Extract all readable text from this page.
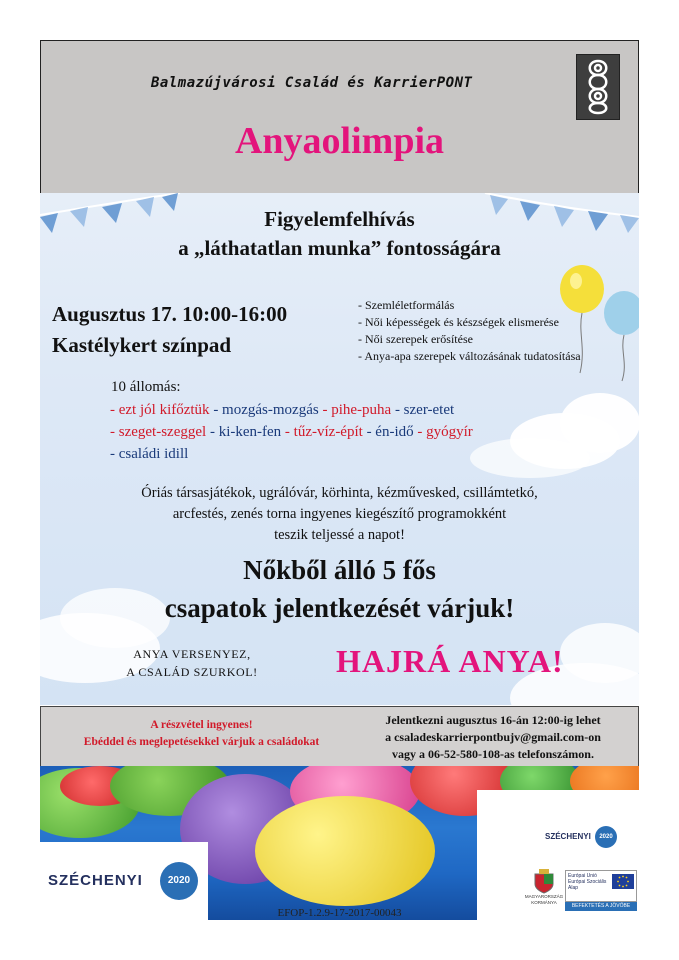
Balmazújvárosi Család és KarrierPONT
Anyaolimpia
Figyelemfelhívás
a „láthatatlan munka” fontosságára
Augusztus 17. 10:00-16:00
Kastélykert színpad
- Szemléletformálás
- Női képességek és készségek elismerése
- Női szerepek erősítése
- Anya-apa szerepek változásának tudatosítása
10 állomás:
- ezt jól kifőztük - mozgás-mozgás - pihe-puha - szer-etet
- szeget-szeggel - ki-ken-fen - tűz-víz-épít - én-idő - gyógyír
- családi idill
Óriás társasjátékok, ugrálóvár, körhinta, kézművesked, csillámtetkó,
arcfestés, zenés torna ingyenes kiegészítő programokként
teszik teljessé a napot!
Nőkből álló 5 fős
csapatok jelentkezését várjuk!
ANYA VERSENYEZ,
A CSALÁD SZURKOL!	HAJRÁ ANYA!
A részvétel ingyenes!
Ebéddel és meglepetésekkel várjuk a családokat
Jelentkezni augusztus 16-án 12:00-ig lehet
a csaladeskarrierpontbujv@gmail.com-on
vagy a 06-52-580-108-as telefonszámon.
SZÉCHENYI	2020
SZÉCHENYI	2020
MAGYARORSZÁG
KORMÁNYA
Európai Unió
Európai Szociális
Alap
BEFEKTETÉS A JÖVŐBE
EFOP-1.2.9-17-2017-00043
